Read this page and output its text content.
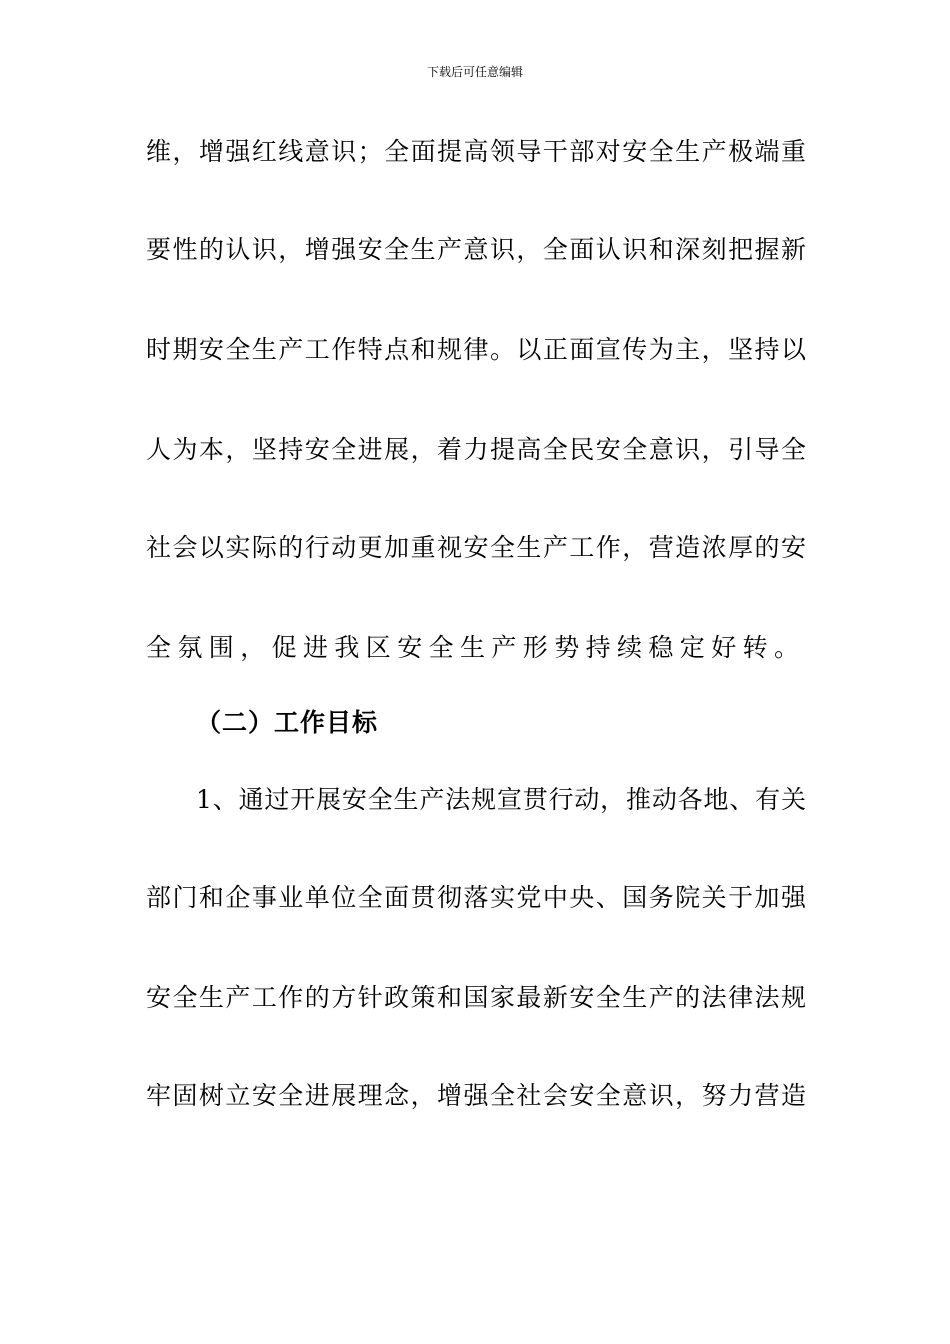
下载后可任意编辑
维，增强红线意识；全面提高领导干部对安全生产极端重
要性的认识，增强安全生产意识，全面认识和深刻把握新
时期安全生产工作特点和规律。以正面宣传为主，坚持以
人为本，坚持安全进展，着力提高全民安全意识，引导全
社会以实际的行动更加重视安全生产工作，营造浓厚的安
全氛围，促进我区安全生产形势持续稳定好转。
（二）工作目标
1、通过开展安全生产法规宣贯行动，推动各地、有关
部门和企事业单位全面贯彻落实党中央、国务院关于加强
安全生产工作的方针政策和国家最新安全生产的法律法规
牢固树立安全进展理念，增强全社会安全意识，努力营造
